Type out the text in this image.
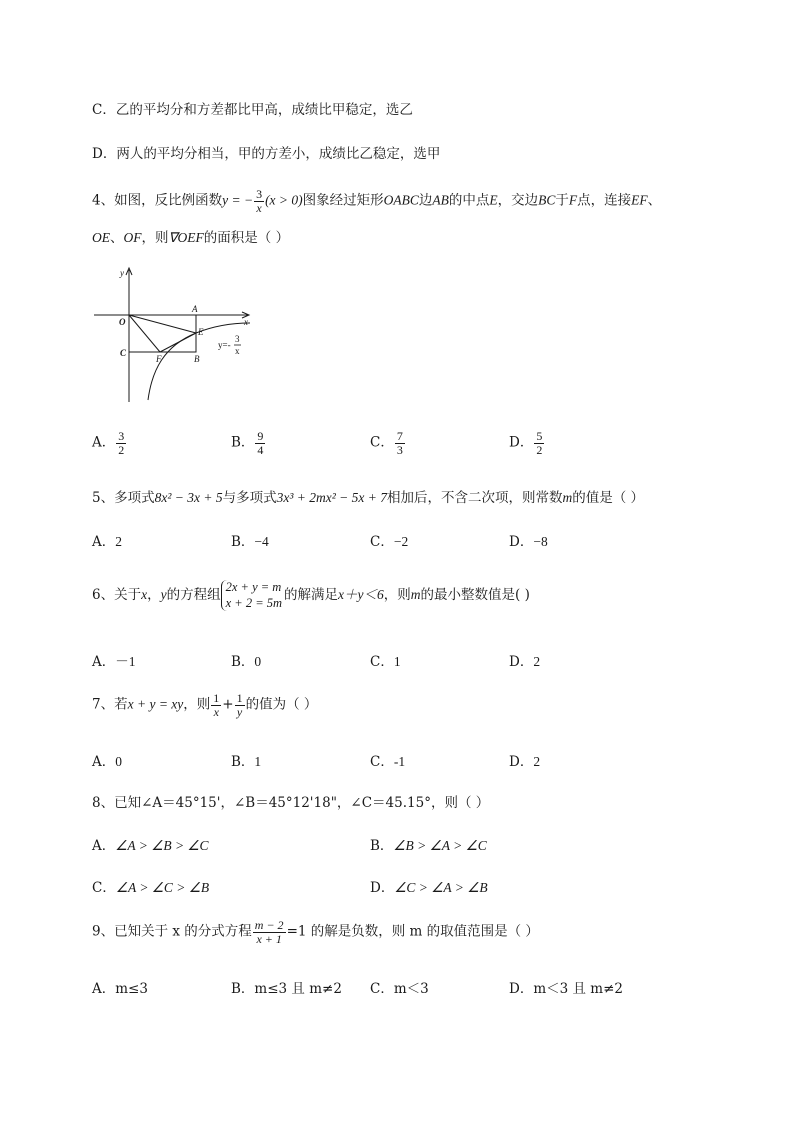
C．乙的平均分和方差都比甲高，成绩比甲稳定，选乙
D．两人的平均分相当，甲的方差小，成绩比乙稳定，选甲
4、如图，反比例函数y = − $\frac{3}{x} (x > 0)$图象经过矩形OABC边AB的中点E，交边BC于F点，连接EF、
OE、OF，则∇OEF的面积是（ ）
y
x
O
A
E
C
F	B
y=-
3
x
A． $\frac{3}{2}$	B． $\frac{9}{4}$	C． $\frac{7}{3}$	D． $\frac{5}{2}$
5、多项式8x² − 3x + 5与多项式3x³ + 2mx² − 5x + 7相加后，不含二次项，则常数m的值是（ ）
A．2	B．−4	C．−2	D．−8
6、关于x，y的方程组
2x + y = m
x + 2 = 5m 的解满足x＋y＜6，则m的最小整数值是( )
A．－1	B．0	C．1	D．2
7、若x + y = xy，则 $\frac{1}{x} + \frac{1}{y}$ 的值为（ ）
A．0	B．1	C．-1	D．2
8、已知∠A＝45°15'，∠B＝45°12'18"，∠C＝45.15°，则（ ）
A．∠A > ∠B > ∠C	B．∠B > ∠A > ∠C
C．∠A > ∠C > ∠B	D．∠C > ∠A > ∠B
9、已知关于 x 的分式方程 $\frac{m - 2}{x + 1} =1$ 的解是负数，则 m 的取值范围是（ ）
A．m≤3	B．m≤3 且 m≠2 C．m＜3	D．m＜3 且 m≠2
